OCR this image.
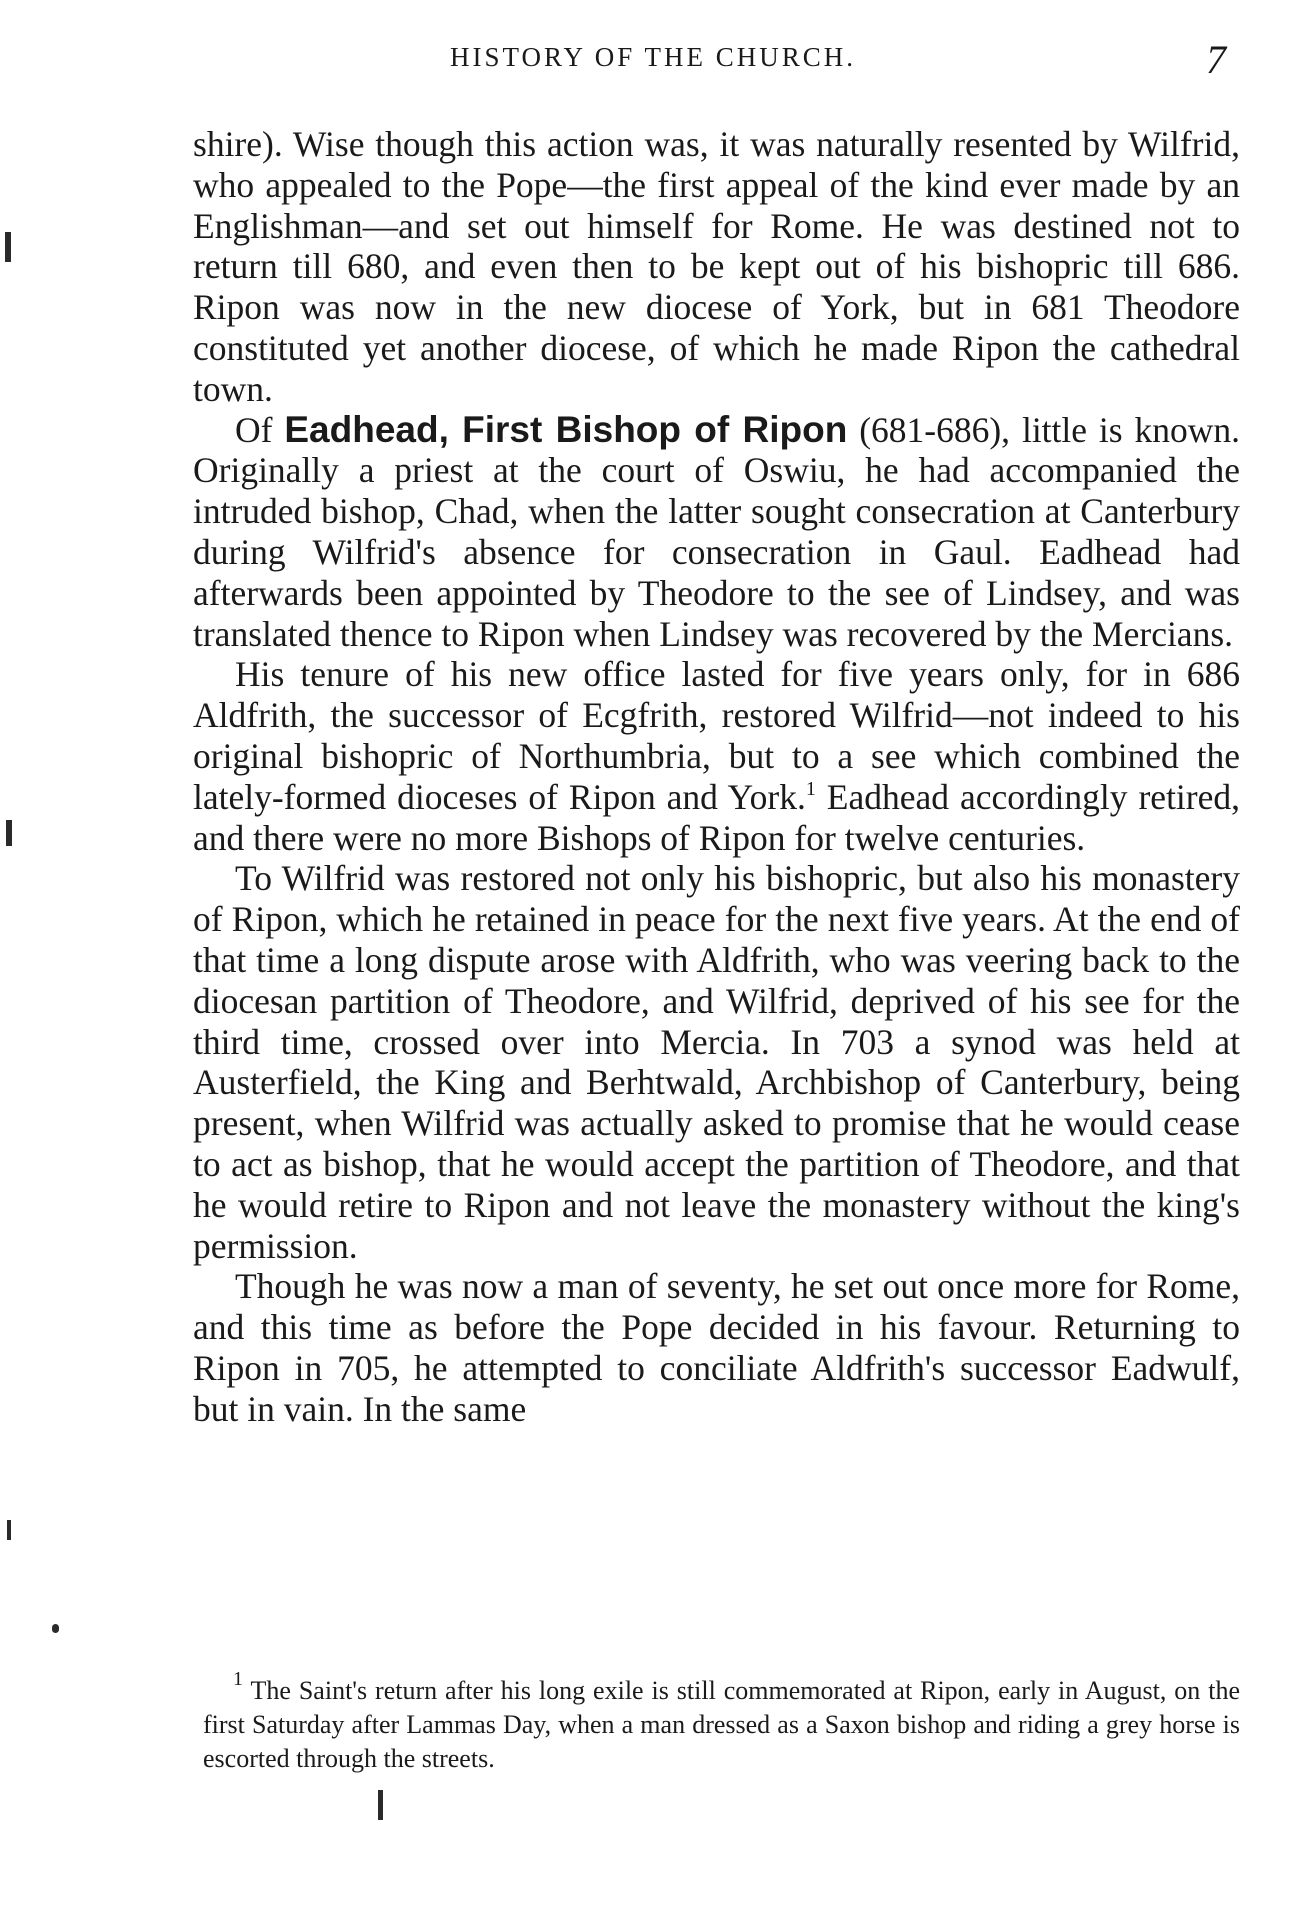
HISTORY OF THE CHURCH.	7

shire). Wise though this action was, it was naturally resented by Wilfrid, who appealed to the Pope—the first appeal of the kind ever made by an Englishman—and set out himself for Rome. He was destined not to return till 680, and even then to be kept out of his bishopric till 686. Ripon was now in the new diocese of York, but in 681 Theodore constituted yet another diocese, of which he made Ripon the cathedral town.

Of Eadhead, First Bishop of Ripon (681-686), little is known. Originally a priest at the court of Oswiu, he had accompanied the intruded bishop, Chad, when the latter sought consecration at Canterbury during Wilfrid's absence for consecration in Gaul. Eadhead had afterwards been appointed by Theodore to the see of Lindsey, and was translated thence to Ripon when Lindsey was recovered by the Mercians.

His tenure of his new office lasted for five years only, for in 686 Aldfrith, the successor of Ecgfrith, restored Wilfrid—not indeed to his original bishopric of Northumbria, but to a see which combined the lately-formed dioceses of Ripon and York.$^1$ Eadhead accordingly retired, and there were no more Bishops of Ripon for twelve centuries.

To Wilfrid was restored not only his bishopric, but also his monastery of Ripon, which he retained in peace for the next five years. At the end of that time a long dispute arose with Aldfrith, who was veering back to the diocesan partition of Theodore, and Wilfrid, deprived of his see for the third time, crossed over into Mercia. In 703 a synod was held at Austerfield, the King and Berhtwald, Archbishop of Canterbury, being present, when Wilfrid was actually asked to promise that he would cease to act as bishop, that he would accept the partition of Theodore, and that he would retire to Ripon and not leave the monastery without the king's permission.

Though he was now a man of seventy, he set out once more for Rome, and this time as before the Pope decided in his favour. Returning to Ripon in 705, he attempted to conciliate Aldfrith's successor Eadwulf, but in vain. In the same

$^1$ The Saint's return after his long exile is still commemorated at Ripon, early in August, on the first Saturday after Lammas Day, when a man dressed as a Saxon bishop and riding a grey horse is escorted through the streets.
